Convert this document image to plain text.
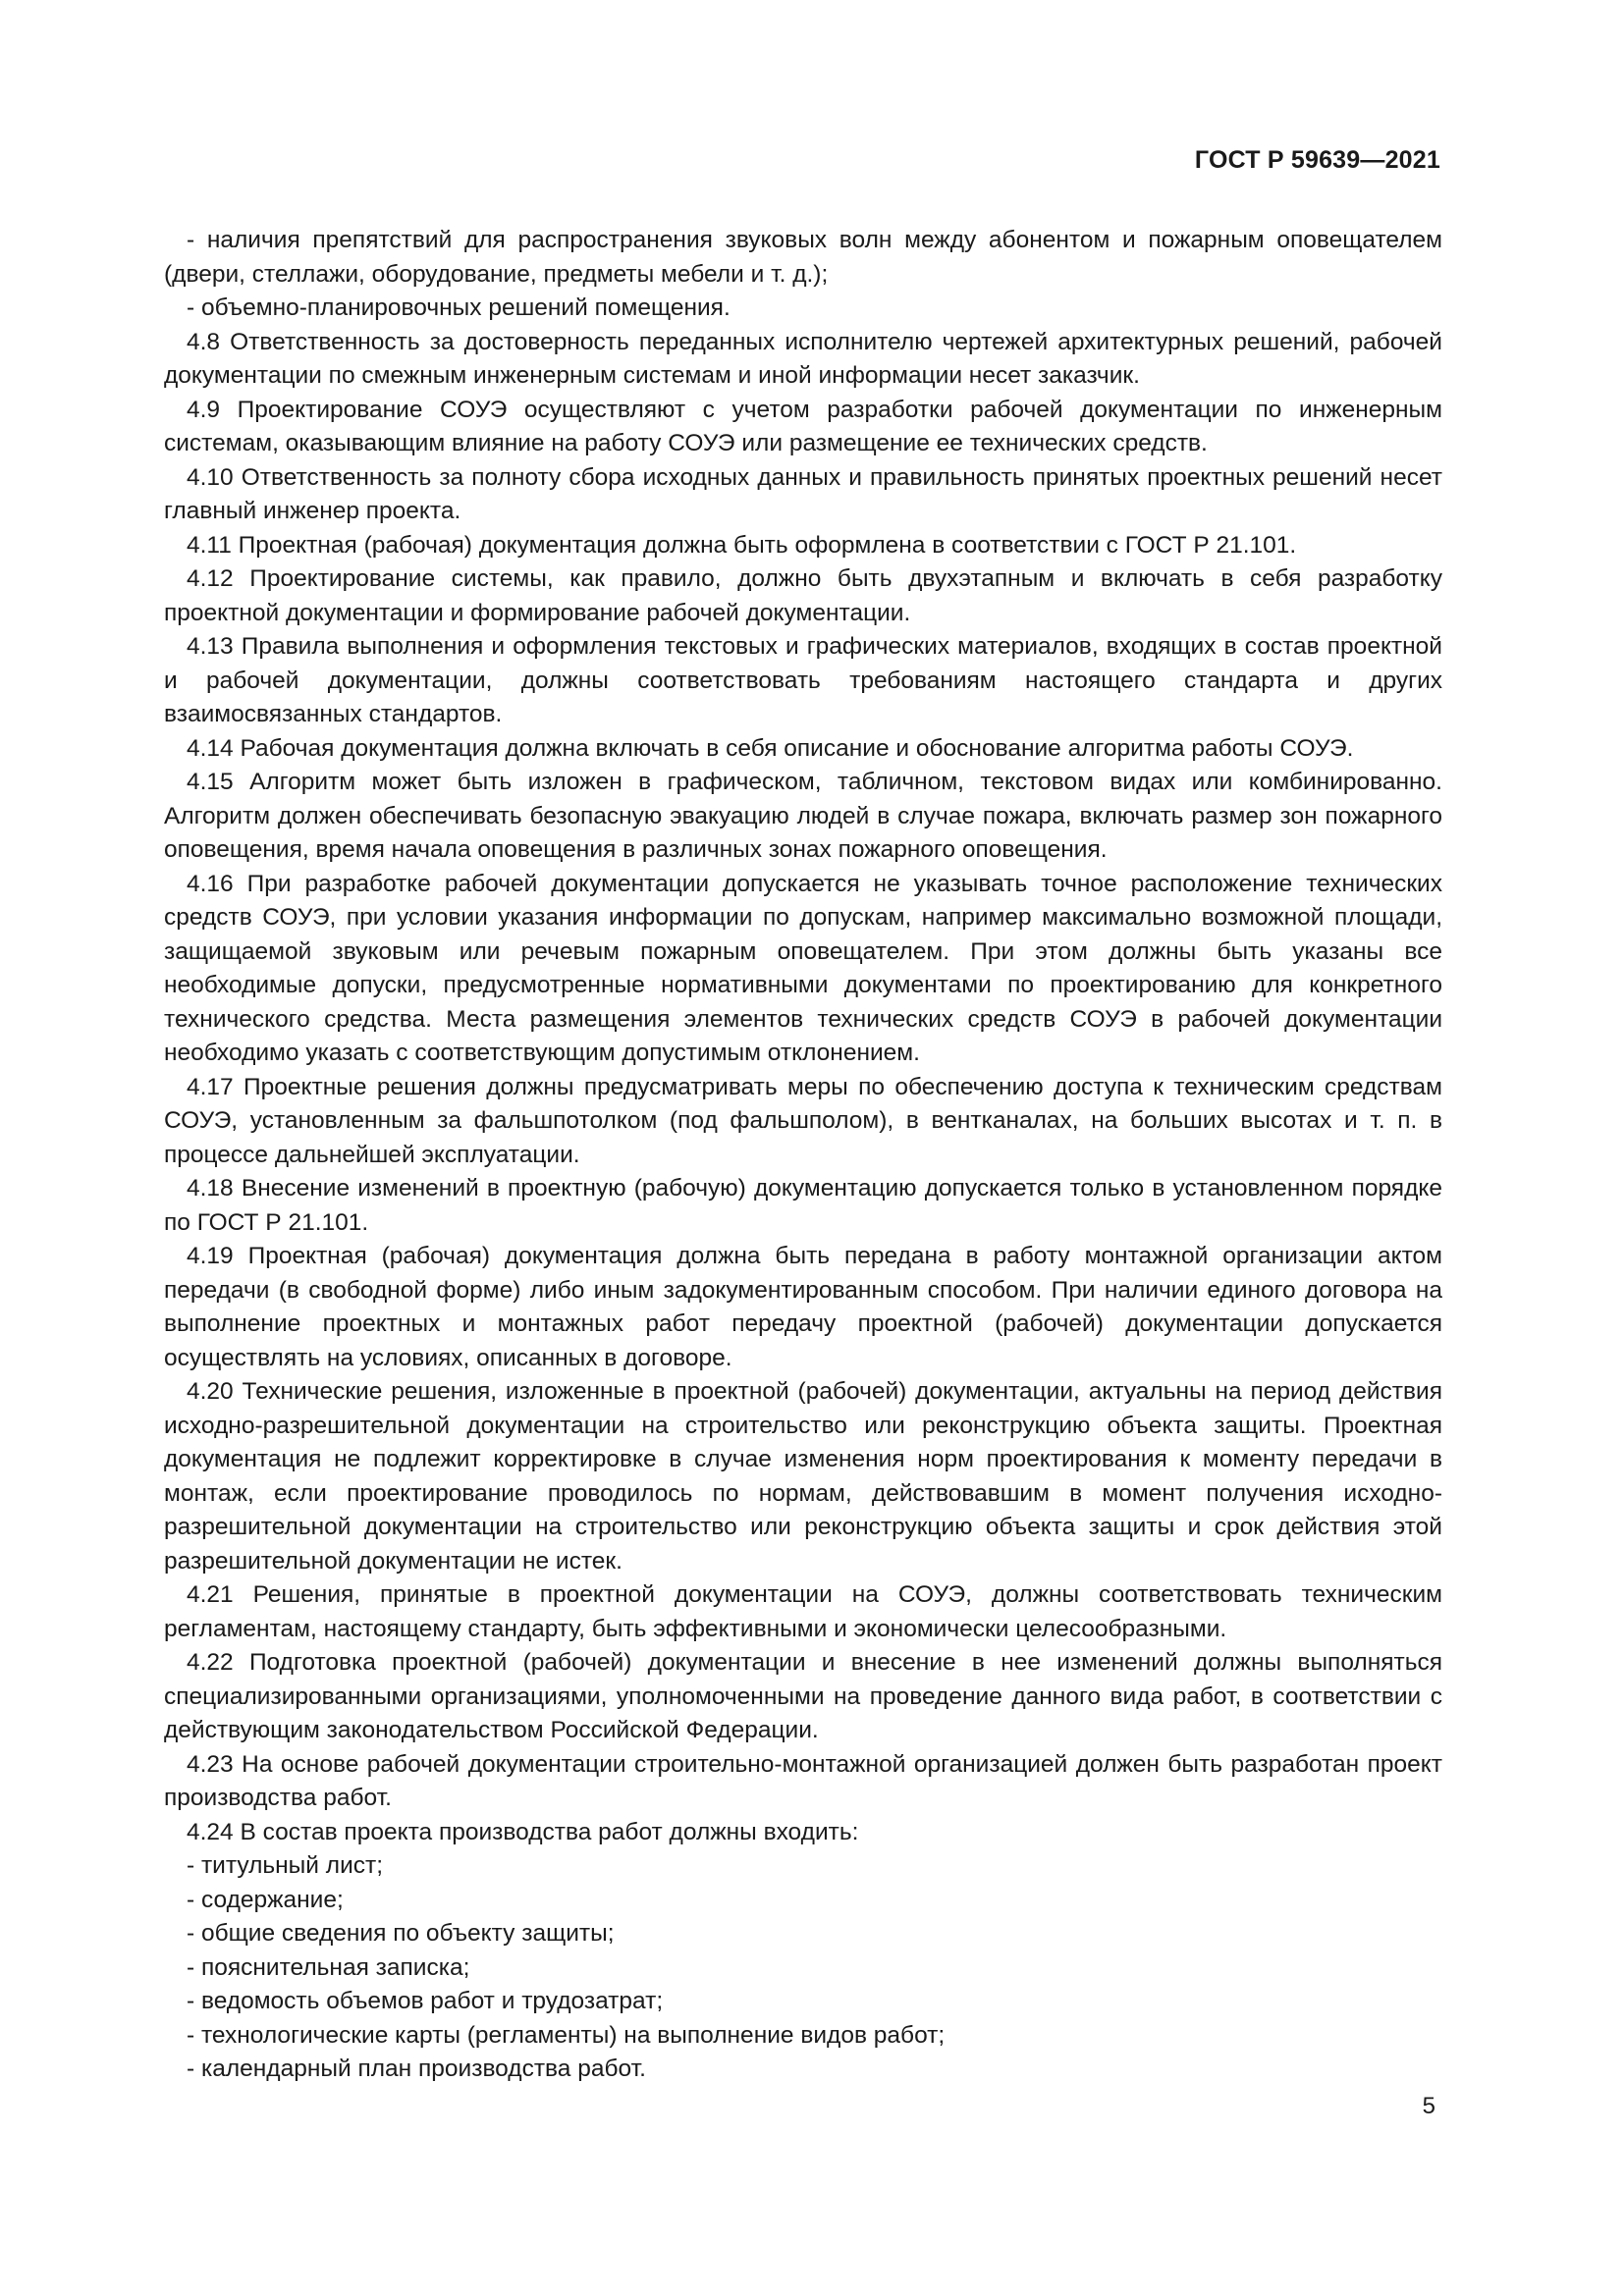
ГОСТ Р 59639—2021

- наличия препятствий для распространения звуковых волн между абонентом и пожарным оповещателем (двери, стеллажи, оборудование, предметы мебели и т. д.);

- объемно-планировочных решений помещения.

4.8 Ответственность за достоверность переданных исполнителю чертежей архитектурных решений, рабочей документации по смежным инженерным системам и иной информации несет заказчик.

4.9 Проектирование СОУЭ осуществляют с учетом разработки рабочей документации по инженерным системам, оказывающим влияние на работу СОУЭ или размещение ее технических средств.

4.10 Ответственность за полноту сбора исходных данных и правильность принятых проектных решений несет главный инженер проекта.

4.11 Проектная (рабочая) документация должна быть оформлена в соответствии с ГОСТ Р 21.101.

4.12 Проектирование системы, как правило, должно быть двухэтапным и включать в себя разработку проектной документации и формирование рабочей документации.

4.13 Правила выполнения и оформления текстовых и графических материалов, входящих в состав проектной и рабочей документации, должны соответствовать требованиям настоящего стандарта и других взаимосвязанных стандартов.

4.14 Рабочая документация должна включать в себя описание и обоснование алгоритма работы СОУЭ.

4.15 Алгоритм может быть изложен в графическом, табличном, текстовом видах или комбинированно. Алгоритм должен обеспечивать безопасную эвакуацию людей в случае пожара, включать размер зон пожарного оповещения, время начала оповещения в различных зонах пожарного оповещения.

4.16 При разработке рабочей документации допускается не указывать точное расположение технических средств СОУЭ, при условии указания информации по допускам, например максимально возможной площади, защищаемой звуковым или речевым пожарным оповещателем. При этом должны быть указаны все необходимые допуски, предусмотренные нормативными документами по проектированию для конкретного технического средства. Места размещения элементов технических средств СОУЭ в рабочей документации необходимо указать с соответствующим допустимым отклонением.

4.17 Проектные решения должны предусматривать меры по обеспечению доступа к техническим средствам СОУЭ, установленным за фальшпотолком (под фальшполом), в вентканалах, на больших высотах и т. п. в процессе дальнейшей эксплуатации.

4.18 Внесение изменений в проектную (рабочую) документацию допускается только в установленном порядке по ГОСТ Р 21.101.

4.19 Проектная (рабочая) документация должна быть передана в работу монтажной организации актом передачи (в свободной форме) либо иным задокументированным способом. При наличии единого договора на выполнение проектных и монтажных работ передачу проектной (рабочей) документации допускается осуществлять на условиях, описанных в договоре.

4.20 Технические решения, изложенные в проектной (рабочей) документации, актуальны на период действия исходно-разрешительной документации на строительство или реконструкцию объекта защиты. Проектная документация не подлежит корректировке в случае изменения норм проектирования к моменту передачи в монтаж, если проектирование проводилось по нормам, действовавшим в момент получения исходно-разрешительной документации на строительство или реконструкцию объекта защиты и срок действия этой разрешительной документации не истек.

4.21 Решения, принятые в проектной документации на СОУЭ, должны соответствовать техническим регламентам, настоящему стандарту, быть эффективными и экономически целесообразными.

4.22 Подготовка проектной (рабочей) документации и внесение в нее изменений должны выполняться специализированными организациями, уполномоченными на проведение данного вида работ, в соответствии с действующим законодательством Российской Федерации.

4.23 На основе рабочей документации строительно-монтажной организацией должен быть разработан проект производства работ.

4.24 В состав проекта производства работ должны входить:

- титульный лист;

- содержание;

- общие сведения по объекту защиты;

- пояснительная записка;

- ведомость объемов работ и трудозатрат;

- технологические карты (регламенты) на выполнение видов работ;

- календарный план производства работ.

5
